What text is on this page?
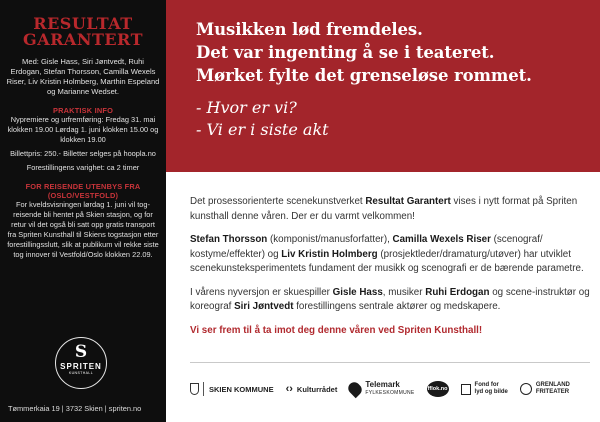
RESULTAT
GARANTERT
Med: Gisle Hass, Siri Jøntvedt, Ruhi Erdogan, Stefan Thorsson, Camilla Wexels Riser, Liv Kristin Holmberg, Marthin Espeland og Marianne Wedset.
PRAKTISK INFO
Nypremiere og urfremføring: Fredag 31. mai klokken 19.00 Lørdag 1. juni klokken 15.00 og klokken 19.00
Billettpris: 250.- Billetter selges på hoopla.no
Forestillingens varighet: ca 2 timer
FOR REISENDE UTENBYS FRA (OSLO/VESTFOLD)
For kveldsvisningen lørdag 1. juni vil tog-reisende bli hentet på Skien stasjon, og for retur vil det også bli satt opp gratis transport fra Spriten Kunsthall til Skiens togstasjon etter forestillingsslutt, slik at publikum vil rekke siste tog innover til Vestfold/Oslo klokken 22.09.
S
SPRITEN
KUNSTHALL
Tømmerkaia 19 | 3732 Skien | spriten.no
Musikken lød fremdeles.
Det var ingenting å se i teateret.
Mørket fylte det grenseløse rommet.
- Hvor er vi?
- Vi er i siste akt
Det prosessorienterte scenekunstverket Resultat Garantert vises i nytt format på Spriten kunsthall denne våren. Der er du varmt velkommen!
Stefan Thorsson (komponist/manusforfatter), Camilla Wexels Riser (scenograf/ kostyme/effekter) og Liv Kristin Holmberg (prosjektleder/dramaturg/utøver) har utviklet scenekunsteksperimentets fundament der musikk og scenografi er de bærende parametre.
I vårens nyversjon er skuespiller Gisle Hass, musiker Ruhi Erdogan og scene-instruktør og koreograf Siri Jøntvedt forestillingens sentrale aktører og medskapere.
Vi ser frem til å ta imot deg denne våren ved Spriten Kunsthall!
SKIEN KOMMUNE ‹› Kulturrådet	Telemark
FYLKESKOMMUNE
fflok.no
Fond for
lyd og bilde
GRENLAND
FRITEATER
